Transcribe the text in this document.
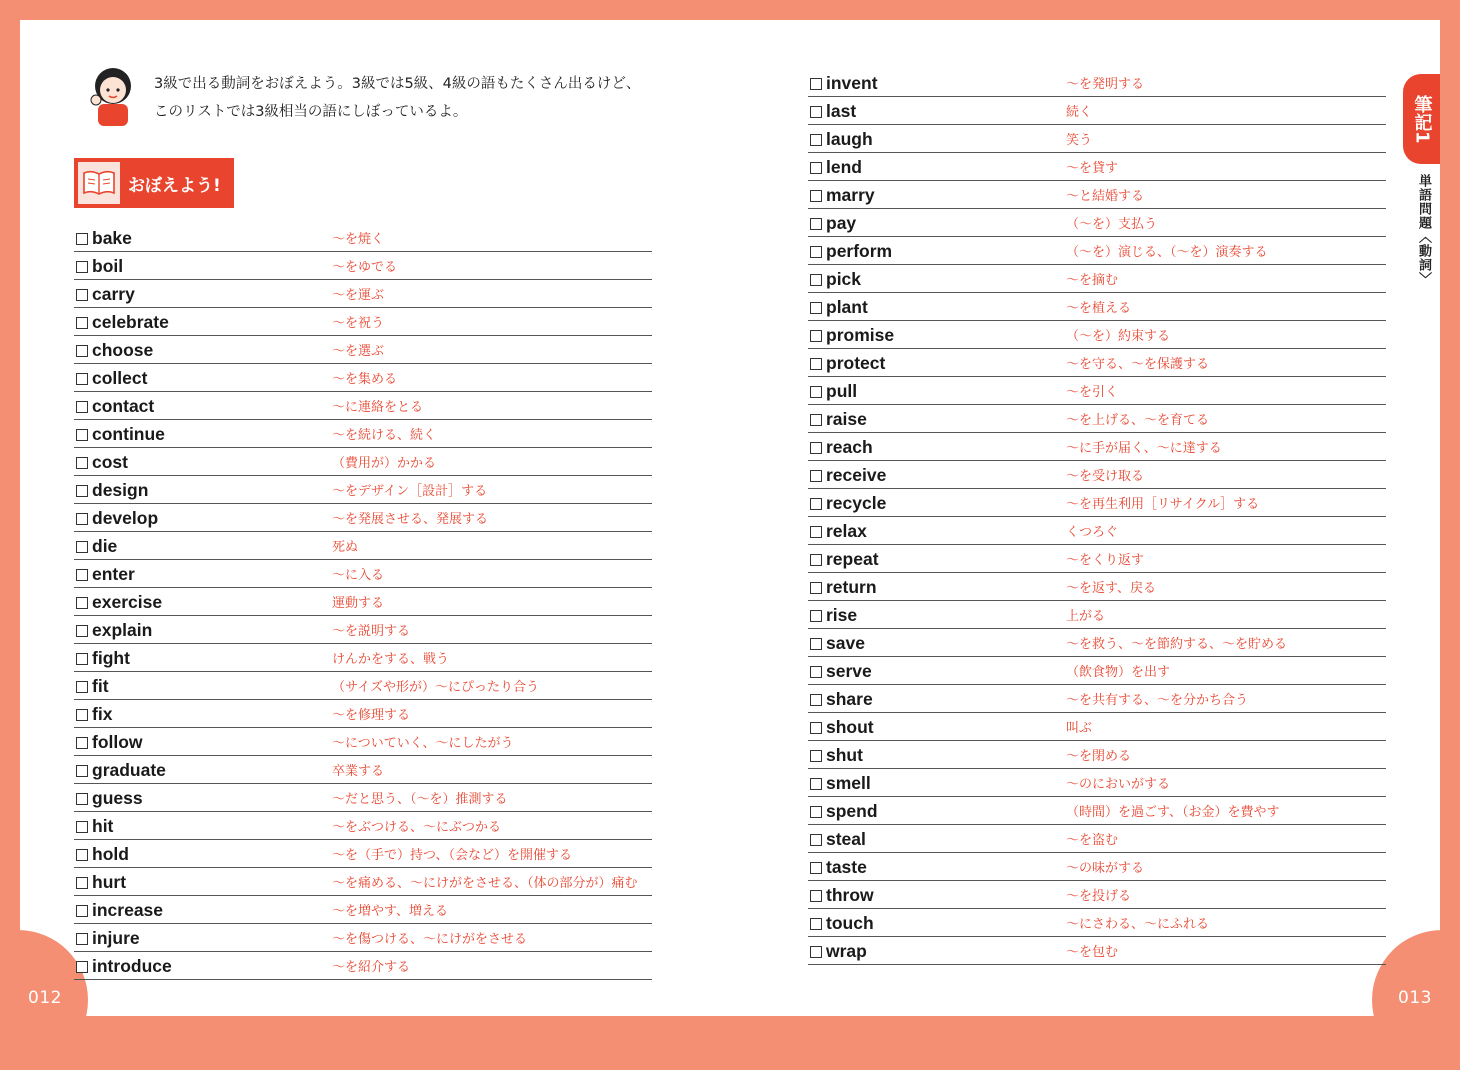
012	013
3級で出る動詞をおぼえよう。3級では5級、4級の語もたくさん出るけど、
このリストでは3級相当の語にしぼっているよ。
おぼえよう!
bake	～を焼く
boil	～をゆでる
carry	～を運ぶ
celebrate	～を祝う
choose	～を選ぶ
collect	～を集める
contact	～に連絡をとる
continue	～を続ける、続く
cost	（費用が）かかる
design	～をデザイン［設計］する
develop	～を発展させる、発展する
die	死ぬ
enter	～に入る
exercise	運動する
explain	～を説明する
fight	けんかをする、戦う
fit	（サイズや形が）～にぴったり合う
fix	～を修理する
follow	～についていく、～にしたがう
graduate	卒業する
guess	～だと思う、（～を）推測する
hit	～をぶつける、～にぶつかる
hold	～を（手で）持つ、（会など）を開催する
hurt	～を痛める、～にけがをさせる、（体の部分が）痛む
increase	～を増やす、増える
injure	～を傷つける、～にけがをさせる
introduce	～を紹介する
invent	～を発明する
last	続く
laugh	笑う
lend	～を貸す
marry	～と結婚する
pay	（～を）支払う
perform	（～を）演じる、（～を）演奏する
pick	～を摘む
plant	～を植える
promise	（～を）約束する
protect	～を守る、～を保護する
pull	～を引く
raise	～を上げる、～を育てる
reach	～に手が届く、～に達する
receive	～を受け取る
recycle	～を再生利用［リサイクル］する
relax	くつろぐ
repeat	～をくり返す
return	～を返す、戻る
rise	上がる
save	～を救う、～を節約する、～を貯める
serve	（飲食物）を出す
share	～を共有する、～を分かち合う
shout	叫ぶ
shut	～を閉める
smell	～のにおいがする
spend	（時間）を過ごす、（お金）を費やす
steal	～を盗む
taste	～の味がする
throw	～を投げる
touch	～にさわる、～にふれる
wrap	～を包む
筆記1
単語問題〈動詞〉
